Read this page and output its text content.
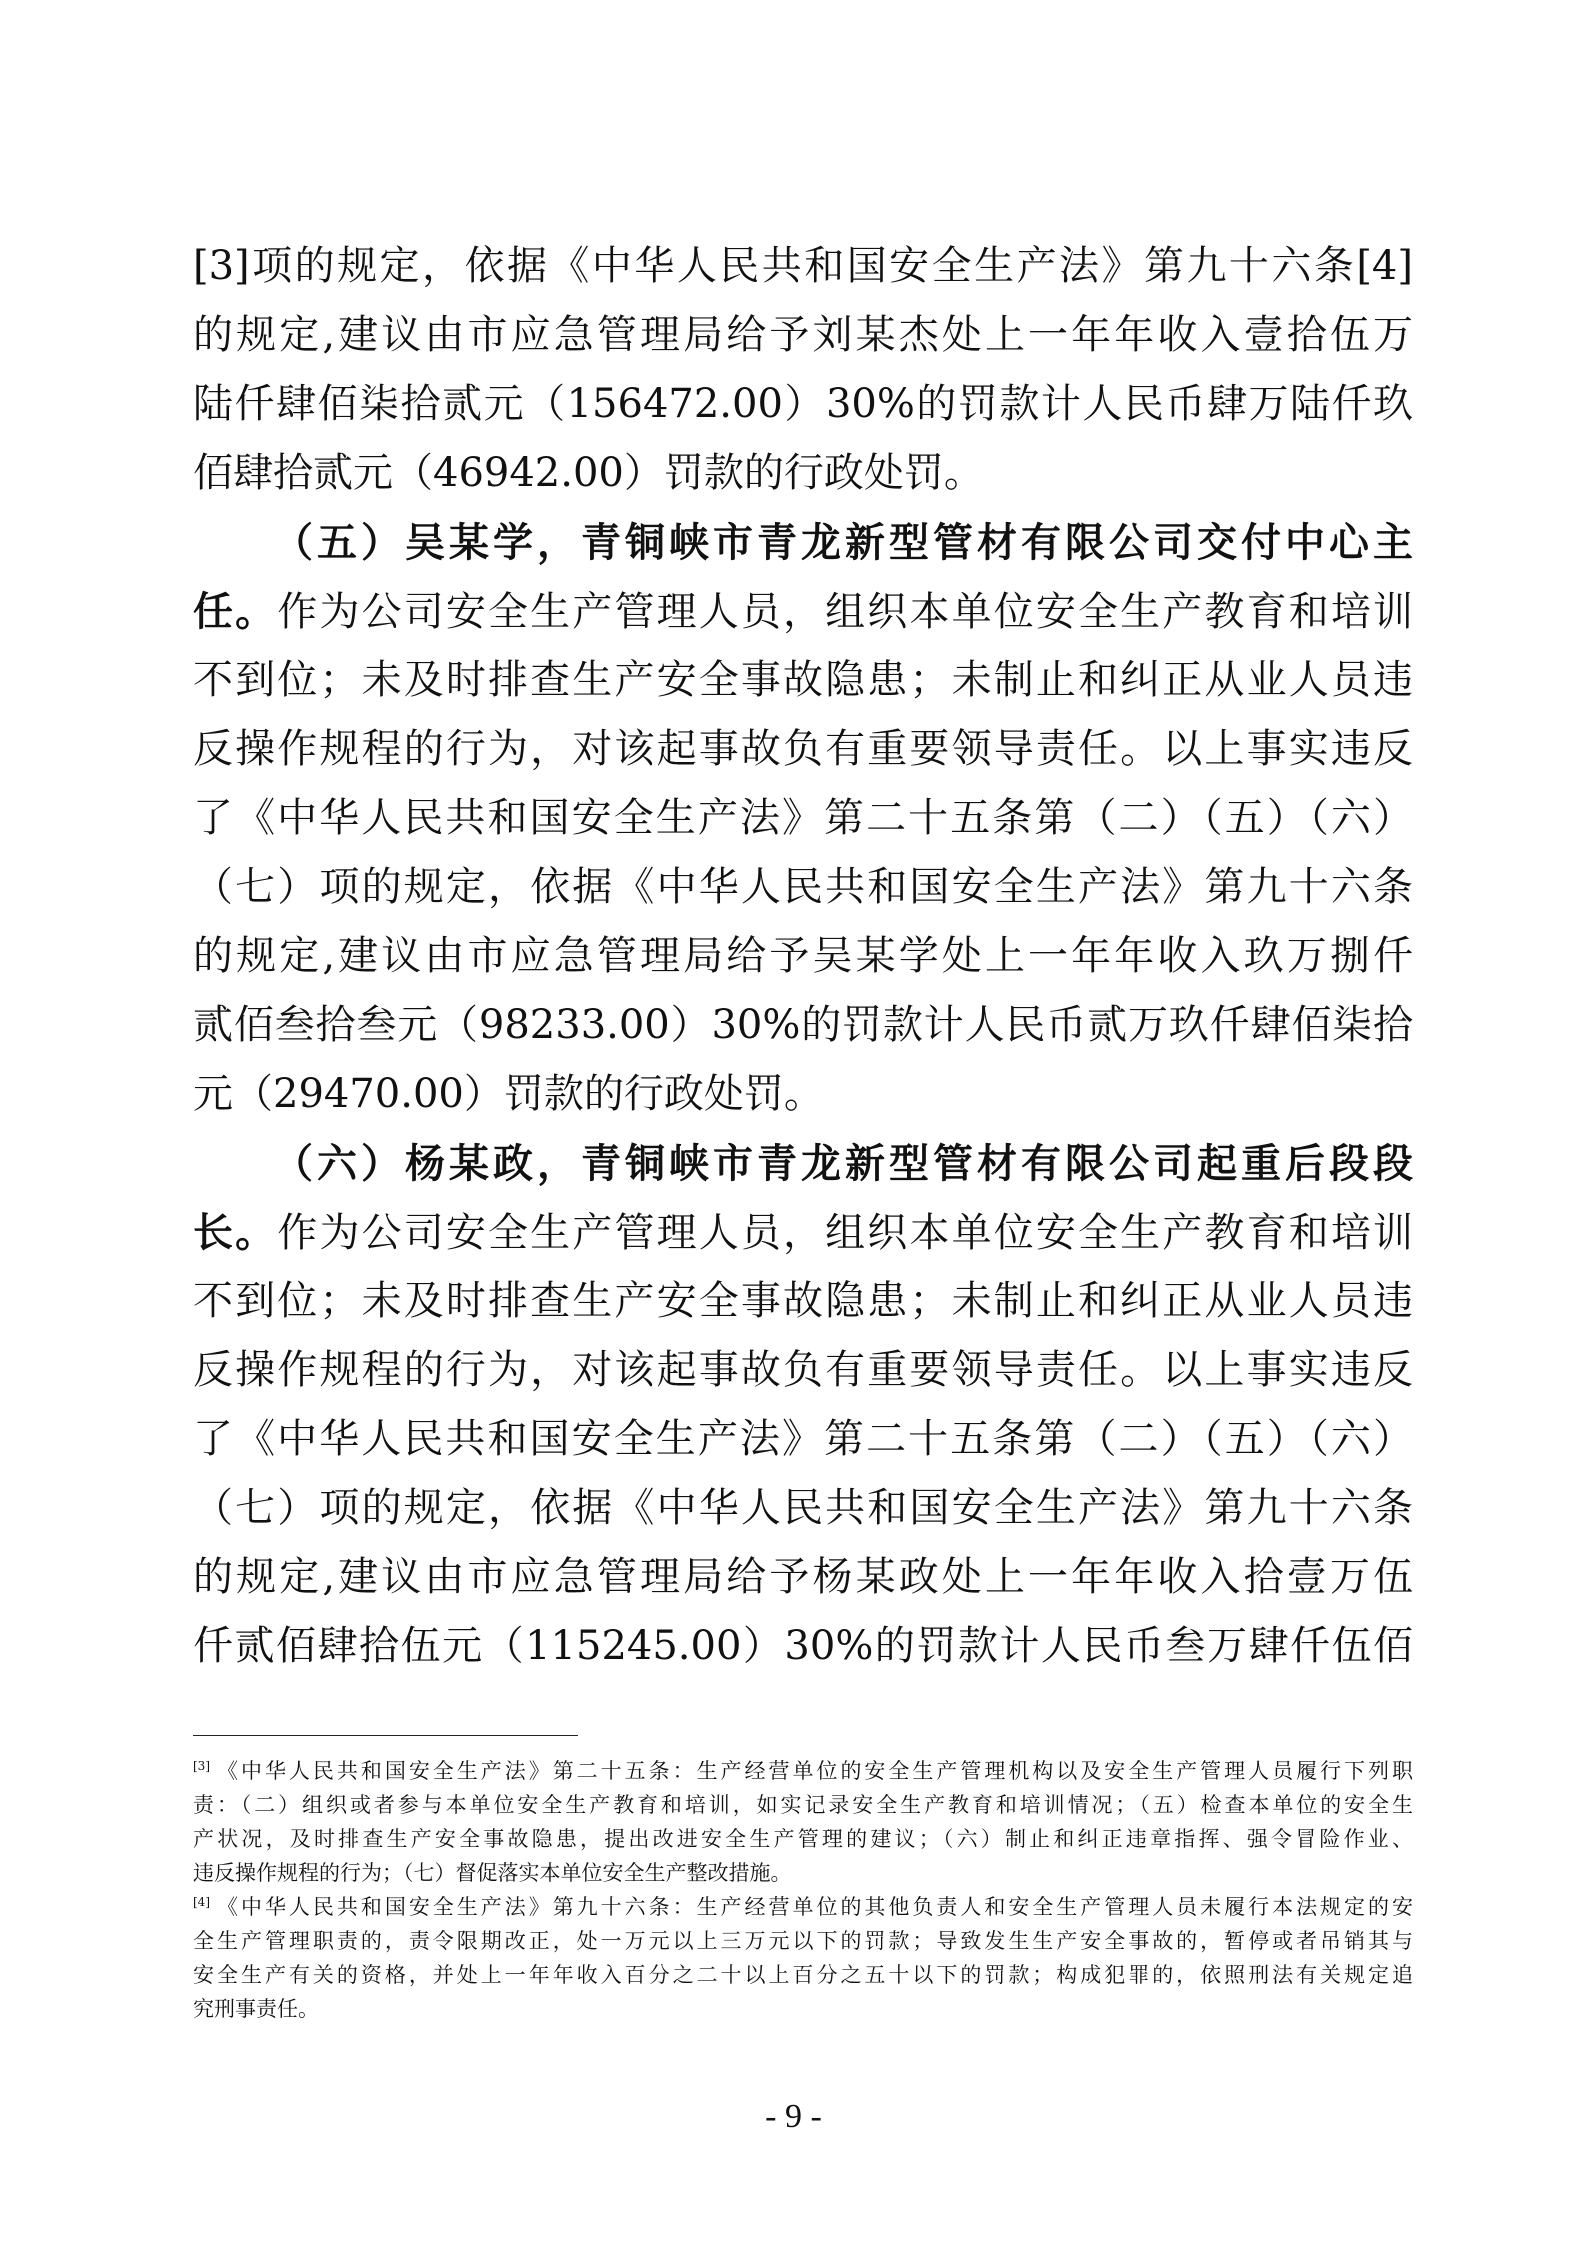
[3]项的规定，依据《中华人民共和国安全生产法》第九十六条[4]
的规定,建议由市应急管理局给予刘某杰处上一年年收入壹拾伍万
陆仟肆佰柒拾贰元（156472.00）30%的罚款计人民币肆万陆仟玖
佰肆拾贰元（46942.00）罚款的行政处罚。
（五）吴某学，青铜峡市青龙新型管材有限公司交付中心主
任。作为公司安全生产管理人员，组织本单位安全生产教育和培训
不到位；未及时排查生产安全事故隐患；未制止和纠正从业人员违
反操作规程的行为，对该起事故负有重要领导责任。以上事实违反
了《中华人民共和国安全生产法》第二十五条第（二）（五）（六）
（七）项的规定，依据《中华人民共和国安全生产法》第九十六条
的规定,建议由市应急管理局给予吴某学处上一年年收入玖万捌仟
贰佰叁拾叁元（98233.00）30%的罚款计人民币贰万玖仟肆佰柒拾
元（29470.00）罚款的行政处罚。
（六）杨某政，青铜峡市青龙新型管材有限公司起重后段段
长。作为公司安全生产管理人员，组织本单位安全生产教育和培训
不到位；未及时排查生产安全事故隐患；未制止和纠正从业人员违
反操作规程的行为，对该起事故负有重要领导责任。以上事实违反
了《中华人民共和国安全生产法》第二十五条第（二）（五）（六）
（七）项的规定，依据《中华人民共和国安全生产法》第九十六条
的规定,建议由市应急管理局给予杨某政处上一年年收入拾壹万伍
仟贰佰肆拾伍元（115245.00）30%的罚款计人民币叁万肆仟伍佰
[3] 《中华人民共和国安全生产法》第二十五条：生产经营单位的安全生产管理机构以及安全生产管理人员履行下列职
责：（二）组织或者参与本单位安全生产教育和培训，如实记录安全生产教育和培训情况；（五）检查本单位的安全生
产状况，及时排查生产安全事故隐患，提出改进安全生产管理的建议；（六）制止和纠正违章指挥、强令冒险作业、
违反操作规程的行为；（七）督促落实本单位安全生产整改措施。
[4] 《中华人民共和国安全生产法》第九十六条：生产经营单位的其他负责人和安全生产管理人员未履行本法规定的安
全生产管理职责的，责令限期改正，处一万元以上三万元以下的罚款；导致发生生产安全事故的，暂停或者吊销其与
安全生产有关的资格，并处上一年年收入百分之二十以上百分之五十以下的罚款；构成犯罪的，依照刑法有关规定追
究刑事责任。
- 9 -
